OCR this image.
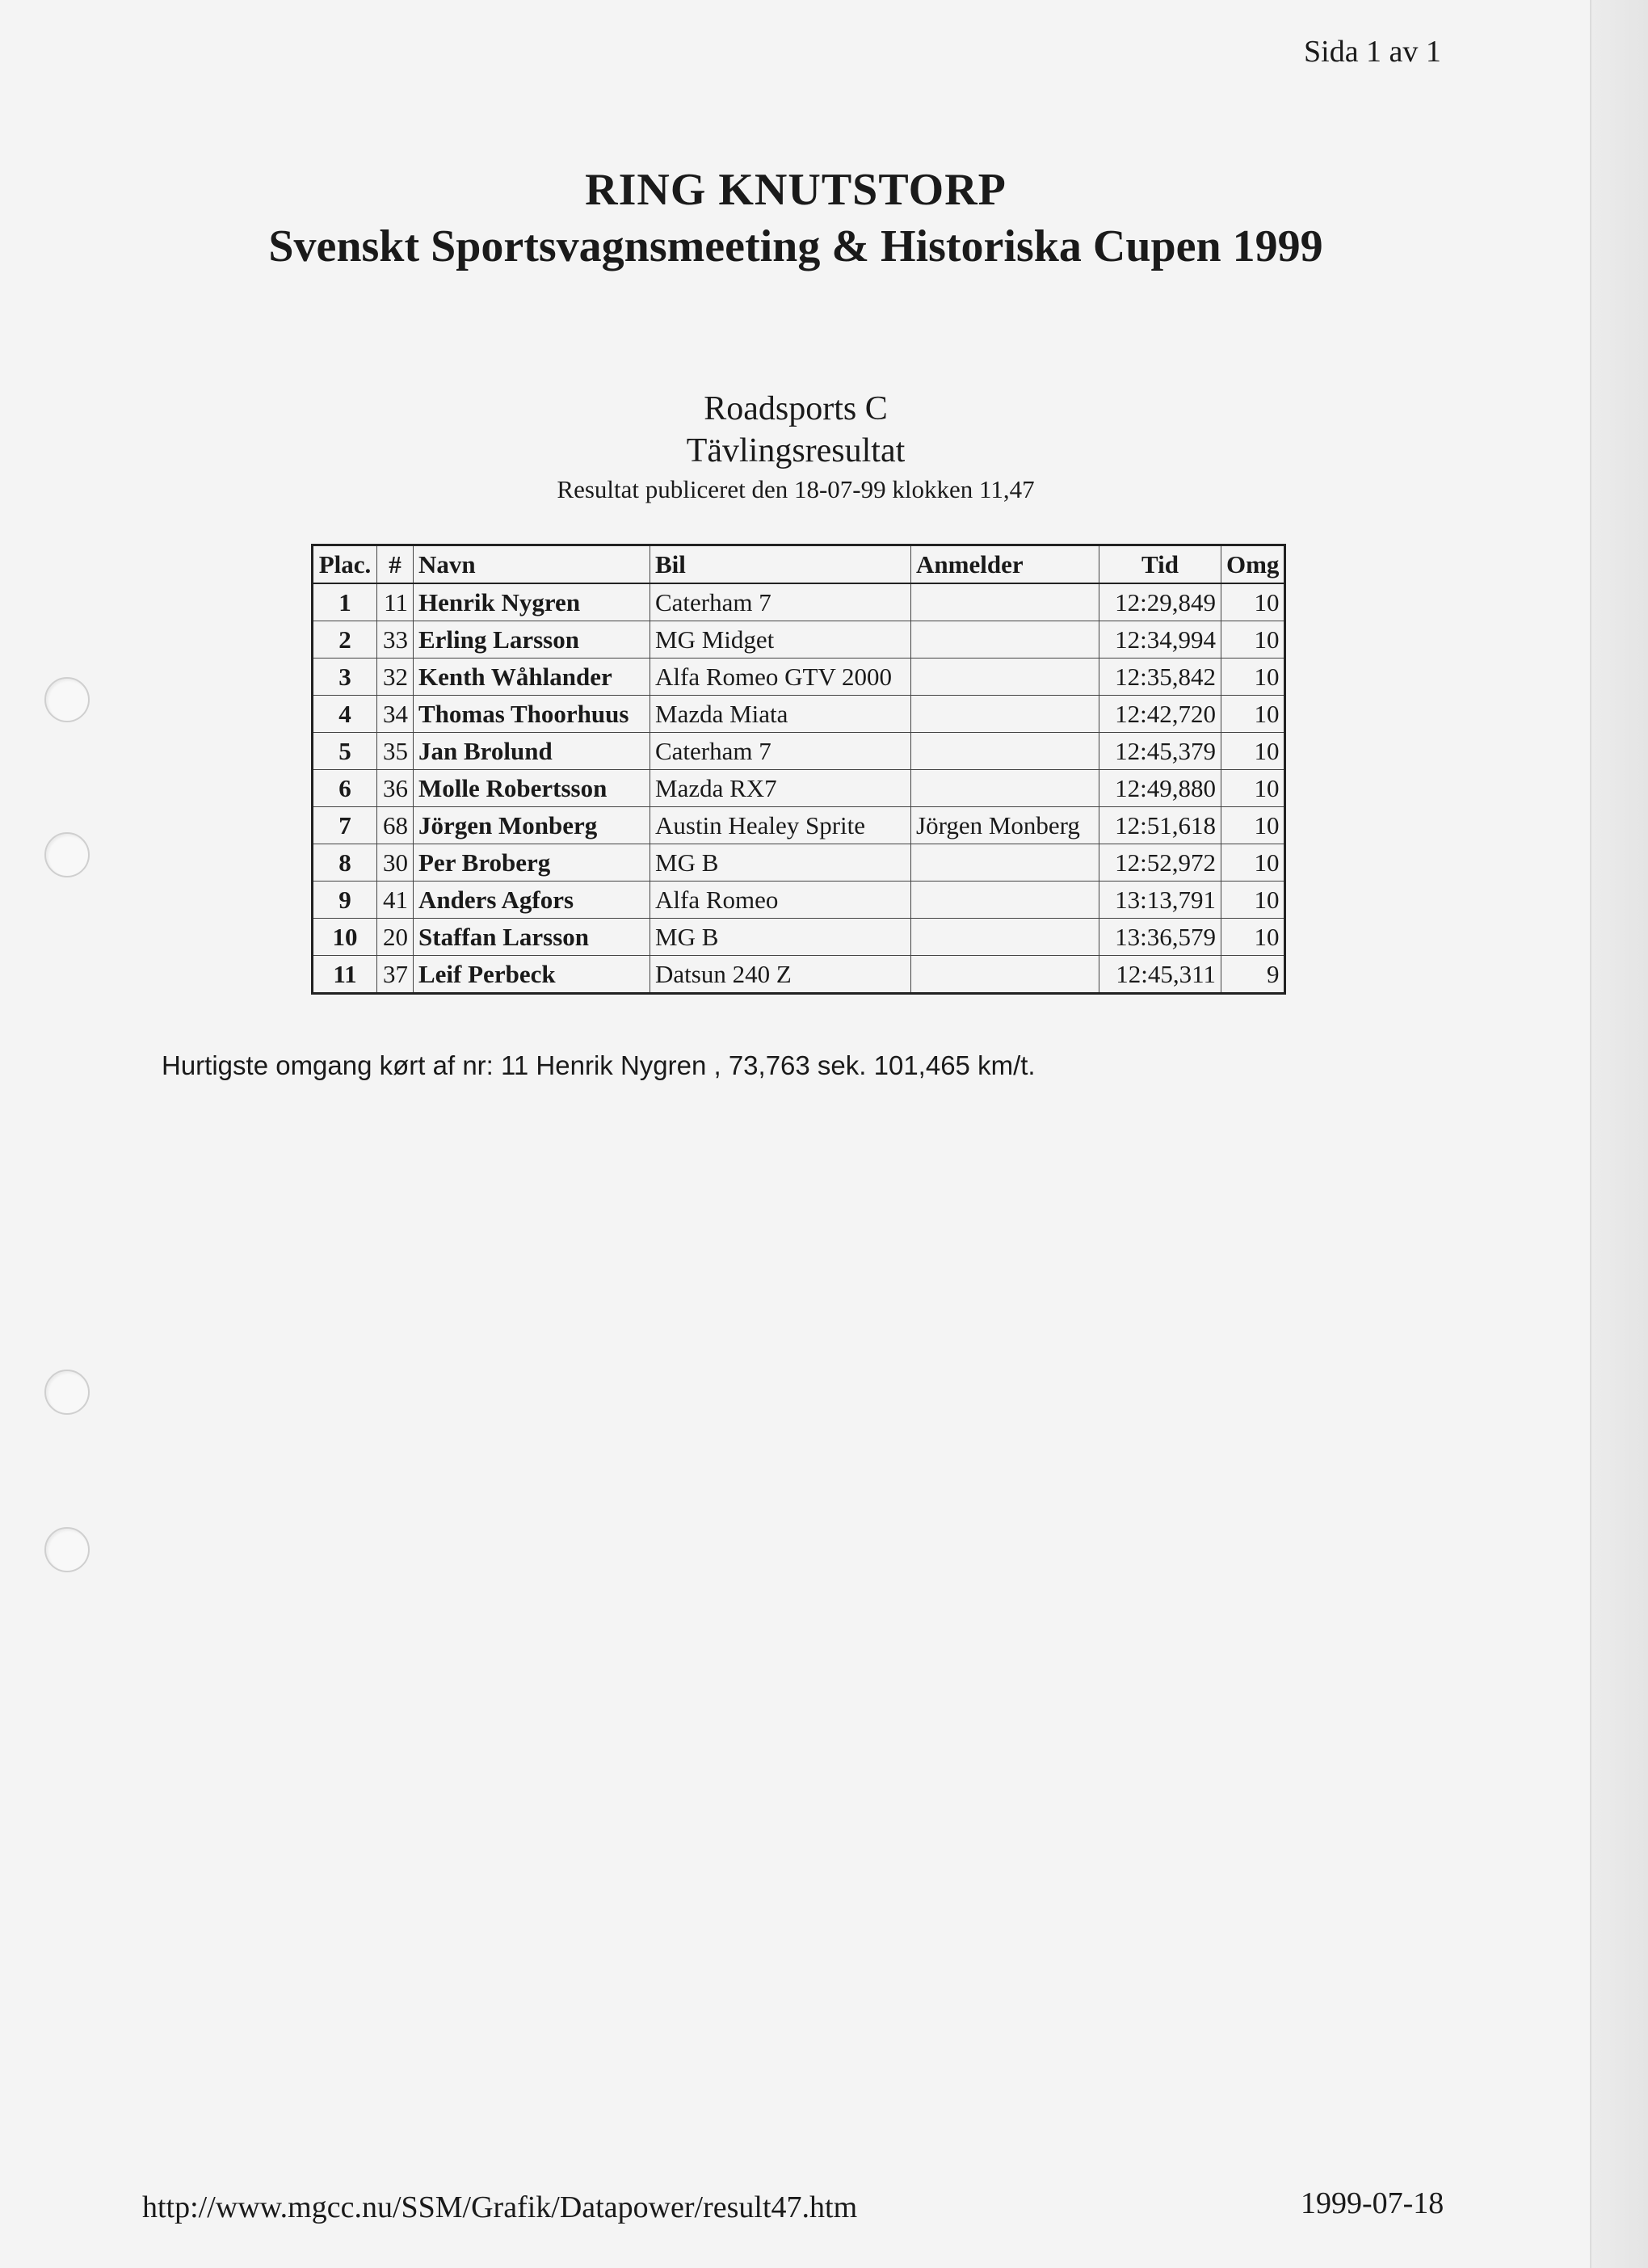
Sida 1 av 1
RING KNUTSTORP
Svenskt Sportsvagnsmeeting & Historiska Cupen 1999
Roadsports C
Tävlingsresultat
Resultat publiceret den 18-07-99 klokken 11,47
Plac.	#	Navn	Bil	Anmelder	Tid	Omg
1	11	Henrik Nygren	Caterham 7		12:29,849	10
2	33	Erling Larsson	MG Midget		12:34,994	10
3	32	Kenth Wåhlander	Alfa Romeo GTV 2000		12:35,842	10
4	34	Thomas Thoorhuus	Mazda Miata		12:42,720	10
5	35	Jan Brolund	Caterham 7		12:45,379	10
6	36	Molle Robertsson	Mazda RX7		12:49,880	10
7	68	Jörgen Monberg	Austin Healey Sprite	Jörgen Monberg	12:51,618	10
8	30	Per Broberg	MG B		12:52,972	10
9	41	Anders Agfors	Alfa Romeo		13:13,791	10
10	20	Staffan Larsson	MG B		13:36,579	10
11	37	Leif Perbeck	Datsun 240 Z		12:45,311	9
Hurtigste omgang kørt af nr: 11 Henrik Nygren , 73,763 sek. 101,465 km/t.
http://www.mgcc.nu/SSM/Grafik/Datapower/result47.htm	1999-07-18
